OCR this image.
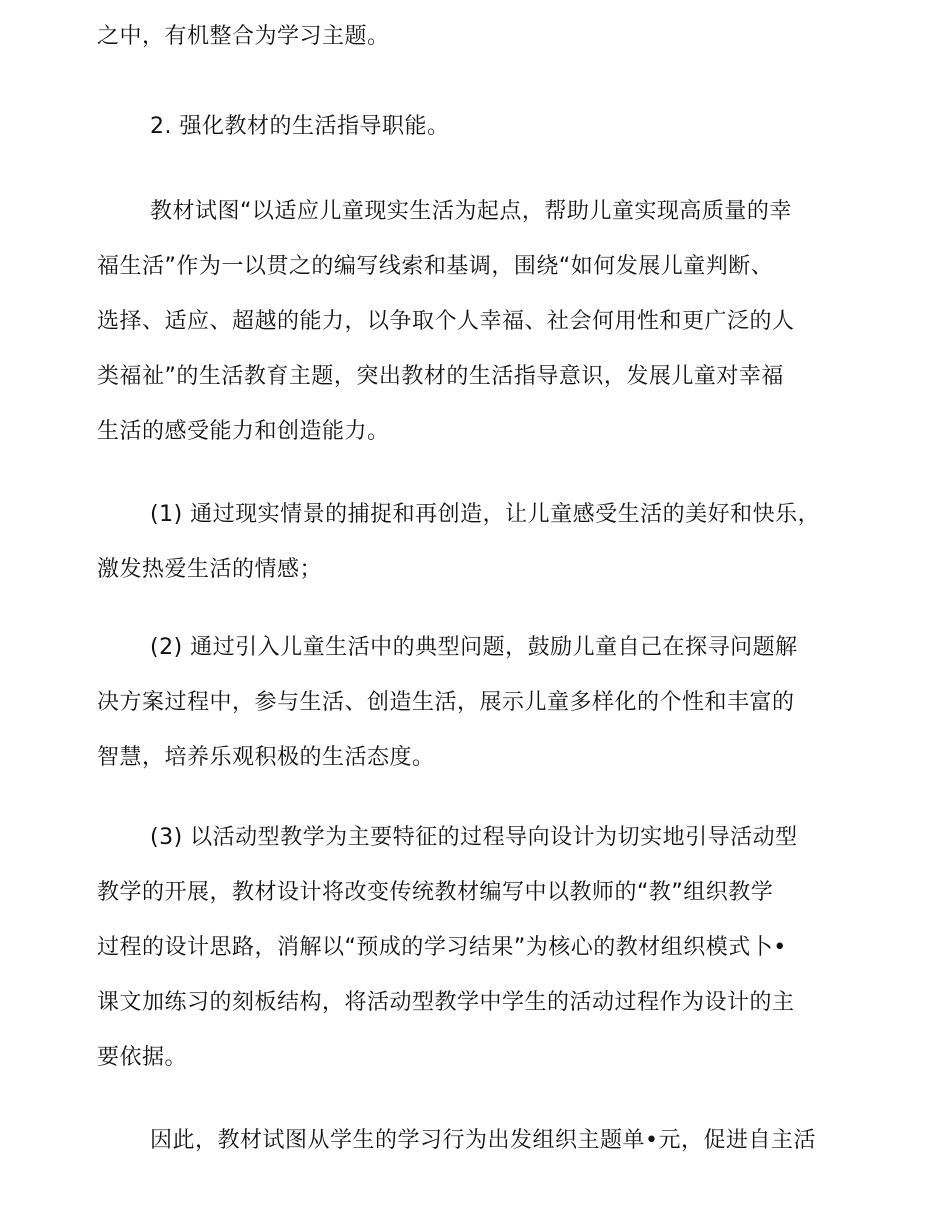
之中，有机整合为学习主题。
2. 强化教材的生活指导职能。
教材试图“以适应儿童现实生活为起点，帮助儿童实现高质量的幸
福生活”作为一以贯之的编写线索和基调，围绕“如何发展儿童判断、
选择、适应、超越的能力，以争取个人幸福、社会何用性和更广泛的人
类福祉”的生活教育主题，突出教材的生活指导意识，发展儿童对幸福
生活的感受能力和创造能力。
(1) 通过现实情景的捕捉和再创造，让儿童感受生活的美好和快乐，
激发热爱生活的情感；
(2) 通过引入儿童生活中的典型问题，鼓励儿童自己在探寻问题解
决方案过程中，参与生活、创造生活，展示儿童多样化的个性和丰富的
智慧，培养乐观积极的生活态度。
(3) 以活动型教学为主要特征的过程导向设计为切实地引导活动型
教学的开展，教材设计将改变传统教材编写中以教师的“教”组织教学
过程的设计思路，消解以“预成的学习结果”为核心的教材组织模式卜•
课文加练习的刻板结构，将活动型教学中学生的活动过程作为设计的主
要依据。
因此，教材试图从学生的学习行为出发组织主题单•元，促进自主活
